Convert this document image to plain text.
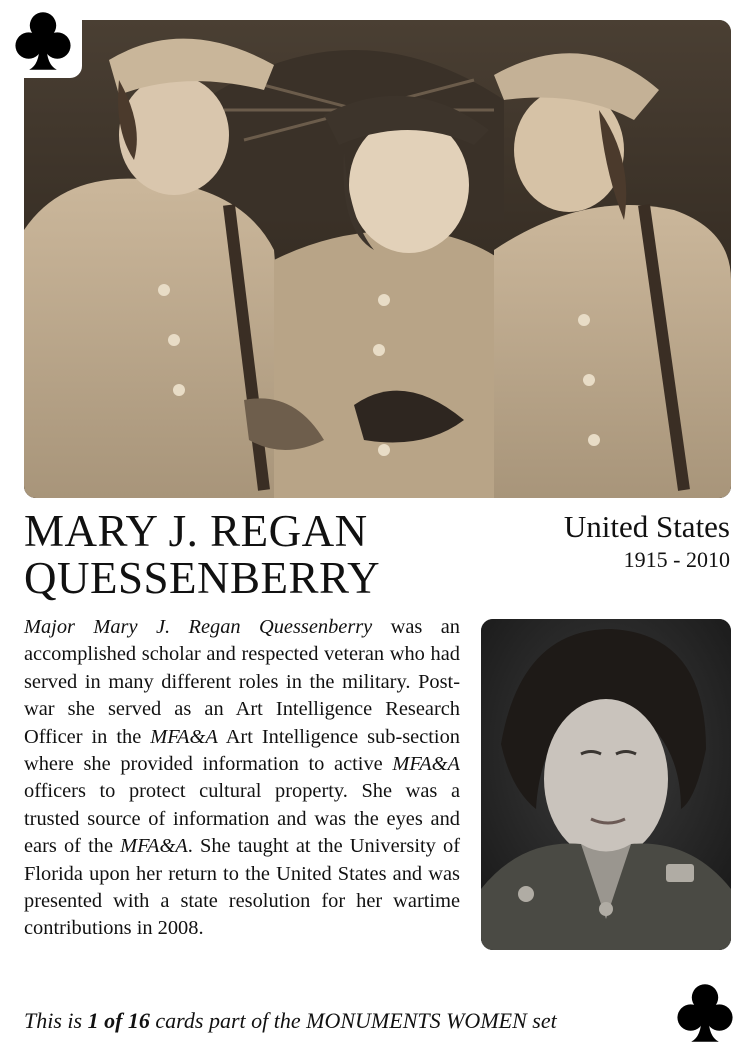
MARY J. REGAN
QUESSENBERRY
United States
1915 - 2010
Major Mary J. Regan Quessenberry was an accomplished scholar and respected veteran who had served in many different roles in the military. Post-war she served as an Art Intelligence Research Officer in the MFA&A Art Intelligence sub-section where she provided information to active MFA&A officers to protect cultural property. She was a trusted source of information and was the eyes and ears of the MFA&A. She taught at the University of Florida upon her return to the United States and was presented with a state resolution for her wartime contributions in 2008.
This is 1 of 16 cards part of the MONUMENTS WOMEN set
